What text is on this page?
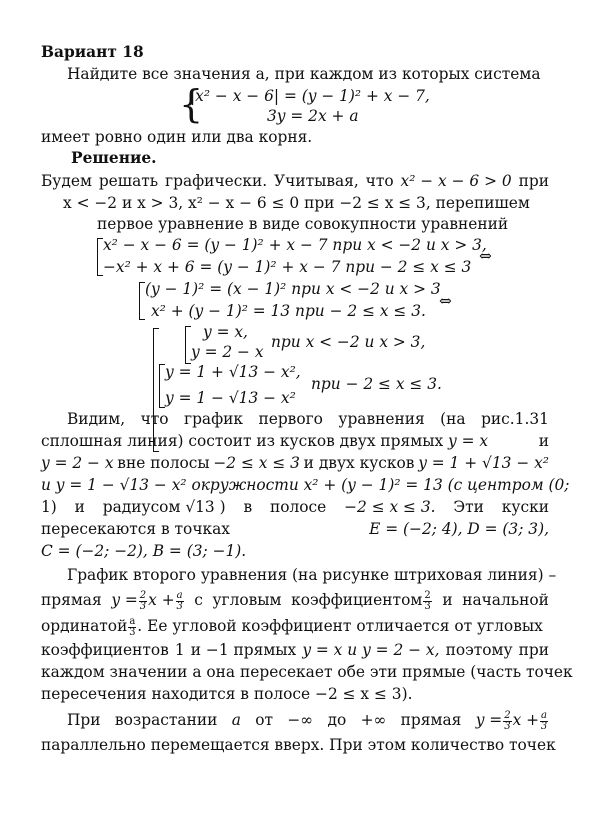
Вариант 18
Найдите все значения a, при каждом из которых система
{
|x² − x − 6| = (y − 1)² + x − 7,
3y = 2x + a
имеет ровно один или два корня.
Решение.
Будем решать графически. Учитывая, что x² − x − 6 > 0 при
x < −2 и x > 3, x² − x − 6 ≤ 0 при −2 ≤ x ≤ 3, перепишем
первое уравнение в виде совокупности уравнений
x² − x − 6 = (y − 1)² + x − 7 при x < −2 и x > 3,
−x² + x + 6 = (y − 1)² + x − 7 при − 2 ≤ x ≤ 3
⇔
(y − 1)² = (x − 1)² при x < −2 и x > 3
x² + (y − 1)² = 13 при − 2 ≤ x ≤ 3.
⇔
y = x,
y = 2 − x
при x < −2 и x > 3,
y = 1 + √13 − x²,
y = 1 − √13 − x²
при − 2 ≤ x ≤ 3.
Видим, что график первого уравнения (на рис.1.31
сплошная линия) состоит из кусков двух прямых y = x	и
y = 2 − x вне полосы −2 ≤ x ≤ 3 и двух кусков y = 1 + √13 − x²
и y = 1 − √13 − x² окружности x² + (y − 1)² = 13 (с центром (0;
1) и радиусом √13 ) в полосе −2 ≤ x ≤ 3. Эти куски
пересекаются в точках	E = (−2; 4), D = (3; 3),
C = (−2; −2), B = (3; −1).
График второго уравнения (на рисунке штриховая линия) –
прямая $y = \frac{2}{3}$ $x + \frac{a}{3}$ с угловым коэффициентом $\frac{2}{3}$ и начальной
ординатой $\frac{a}{3}$ . Ее угловой коэффициент отличается от угловых
коэффициентов 1 и −1 прямых y = x и y = 2 − x, поэтому при
каждом значении a она пересекает обе эти прямые (часть точек
пересечения находится в полосе −2 ≤ x ≤ 3).
При возрастании a от −∞ до +∞ прямая $y = \frac{2}{3}$ $x + \frac{a}{3}$
параллельно перемещается вверх. При этом количество точек
